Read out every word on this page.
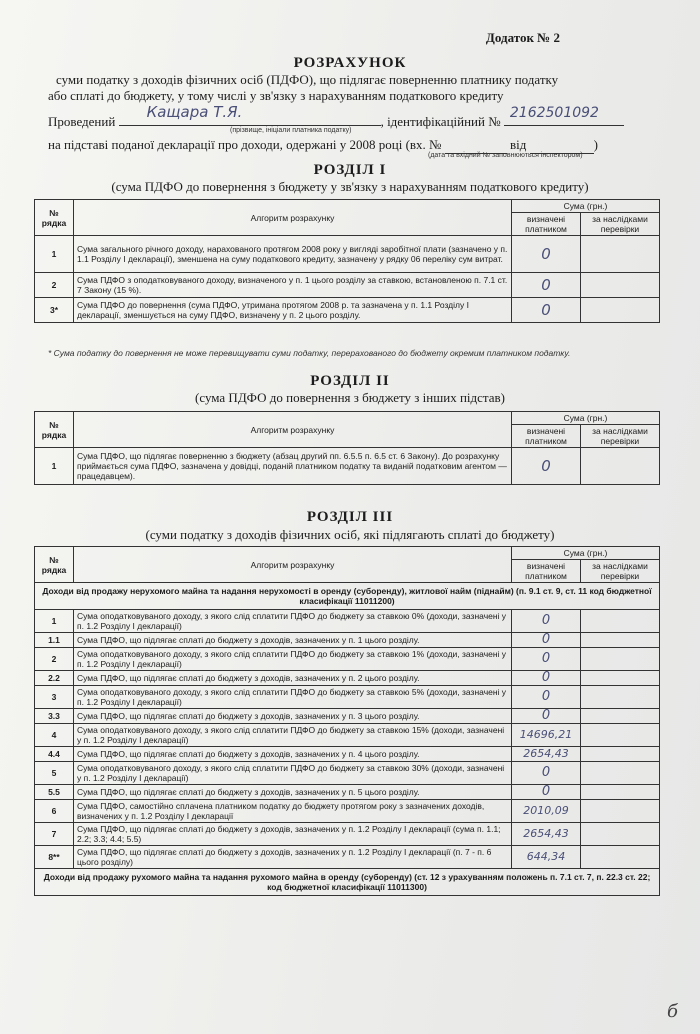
Додаток № 2
РОЗРАХУНОК
суми податку з доходів фізичних осіб (ПДФО), що підлягає поверненню платнику податку
або сплаті до бюджету, у тому числі у зв'язку з нарахуванням податкового кредиту
Проведений
Кащара Т.Я.
, ідентифікаційний №
2162501092
(прізвище, ініціали платника податку)
на підставі поданої декларації про доходи, одержані у 2008 році (вх. №	від	)
(дата та вхідний № заповнюються інспектором)
РОЗДІЛ І
(сума ПДФО до повернення з бюджету у зв'язку з нарахуванням податкового кредиту)
№ рядка	Алгоритм розрахунку	Сума (грн.)	
		визначені платником	за наслідками перевірки
1	Сума загального річного доходу, нарахованого протягом 2008 року у вигляді заробітної плати (зазначено у п. 1.1 Розділу І декларації), зменшена на суму податкового кредиту, зазначену у рядку 06 переліку сум витрат.	0	
2	Сума ПДФО з оподатковуваного доходу, визначеного у п. 1 цього розділу за ставкою, встановленою п. 7.1 ст. 7 Закону (15 %).	0	
3*	Сума ПДФО до повернення (сума ПДФО, утримана протягом 2008 р. та зазначена у п. 1.1 Розділу І декларації, зменшується на суму ПДФО, визначену у п. 2 цього розділу.	0	
* Сума податку до повернення не може перевищувати суми податку, перерахованого до бюджету окремим платником податку.
РОЗДІЛ ІІ
(сума ПДФО до повернення з бюджету з інших підстав)
№ рядка	Алгоритм розрахунку	Сума (грн.)	
		визначені платником	за наслідками перевірки
1	Сума ПДФО, що підлягає поверненню з бюджету (абзац другий пп. 6.5.5 п. 6.5 ст. 6 Закону). До розрахунку приймається сума ПДФО, зазначена у довідці, поданій платником податку та виданій податковим агентом — працедавцем).	0	
РОЗДІЛ ІІІ
(суми податку з доходів фізичних осіб, які підлягають сплаті до бюджету)
№ рядка	Алгоритм розрахунку	Сума (грн.)	
		визначені платником	за наслідками перевірки
Доходи від продажу нерухомого майна та надання нерухомості в оренду (суборенду), житлової найм (піднайм) (п. 9.1 ст. 9, ст. 11 код бюджетної класифікації 11011200)			
1	Сума оподатковуваного доходу, з якого слід сплатити ПДФО до бюджету за ставкою 0% (доходи, зазначені у п. 1.2 Розділу І декларації)	0	
1.1	Сума ПДФО, що підлягає сплаті до бюджету з доходів, зазначених у п. 1 цього розділу.	0	
2	Сума оподатковуваного доходу, з якого слід сплатити ПДФО до бюджету за ставкою 1% (доходи, зазначені у п. 1.2 Розділу І декларації)	0	
2.2	Сума ПДФО, що підлягає сплаті до бюджету з доходів, зазначених у п. 2 цього розділу.	0	
3	Сума оподатковуваного доходу, з якого слід сплатити ПДФО до бюджету за ставкою 5% (доходи, зазначені у п. 1.2 Розділу І декларації)	0	
3.3	Сума ПДФО, що підлягає сплаті до бюджету з доходів, зазначених у п. 3 цього розділу.	0	
4	Сума оподатковуваного доходу, з якого слід сплатити ПДФО до бюджету за ставкою 15% (доходи, зазначені у п. 1.2 Розділу І декларації)	14696,21	
4.4	Сума ПДФО, що підлягає сплаті до бюджету з доходів, зазначених у п. 4 цього розділу.	2654,43	
5	Сума оподатковуваного доходу, з якого слід сплатити ПДФО до бюджету за ставкою 30% (доходи, зазначені у п. 1.2 Розділу І декларації)	0	
5.5	Сума ПДФО, що підлягає сплаті до бюджету з доходів, зазначених у п. 5 цього розділу.	0	
6	Сума ПДФО, самостійно сплачена платником податку до бюджету протягом року з зазначених доходів, визначених у п. 1.2 Розділу І декларації	2010,09	
7	Сума ПДФО, що підлягає сплаті до бюджету з доходів, зазначених у п. 1.2 Розділу І декларації (сума п. 1.1; 2.2; 3.3; 4.4; 5.5)	2654,43	
8**	Сума ПДФО, що підлягає сплаті до бюджету з доходів, зазначених у п. 1.2 Розділу І декларації (п. 7 - п. 6 цього розділу)	644,34	
Доходи від продажу рухомого майна та надання рухомого майна в оренду (суборенду) (ст. 12 з урахуванням положень п. 7.1 ст. 7, п. 22.3 ст. 22; код бюджетної класифікації 11011300)			
б
